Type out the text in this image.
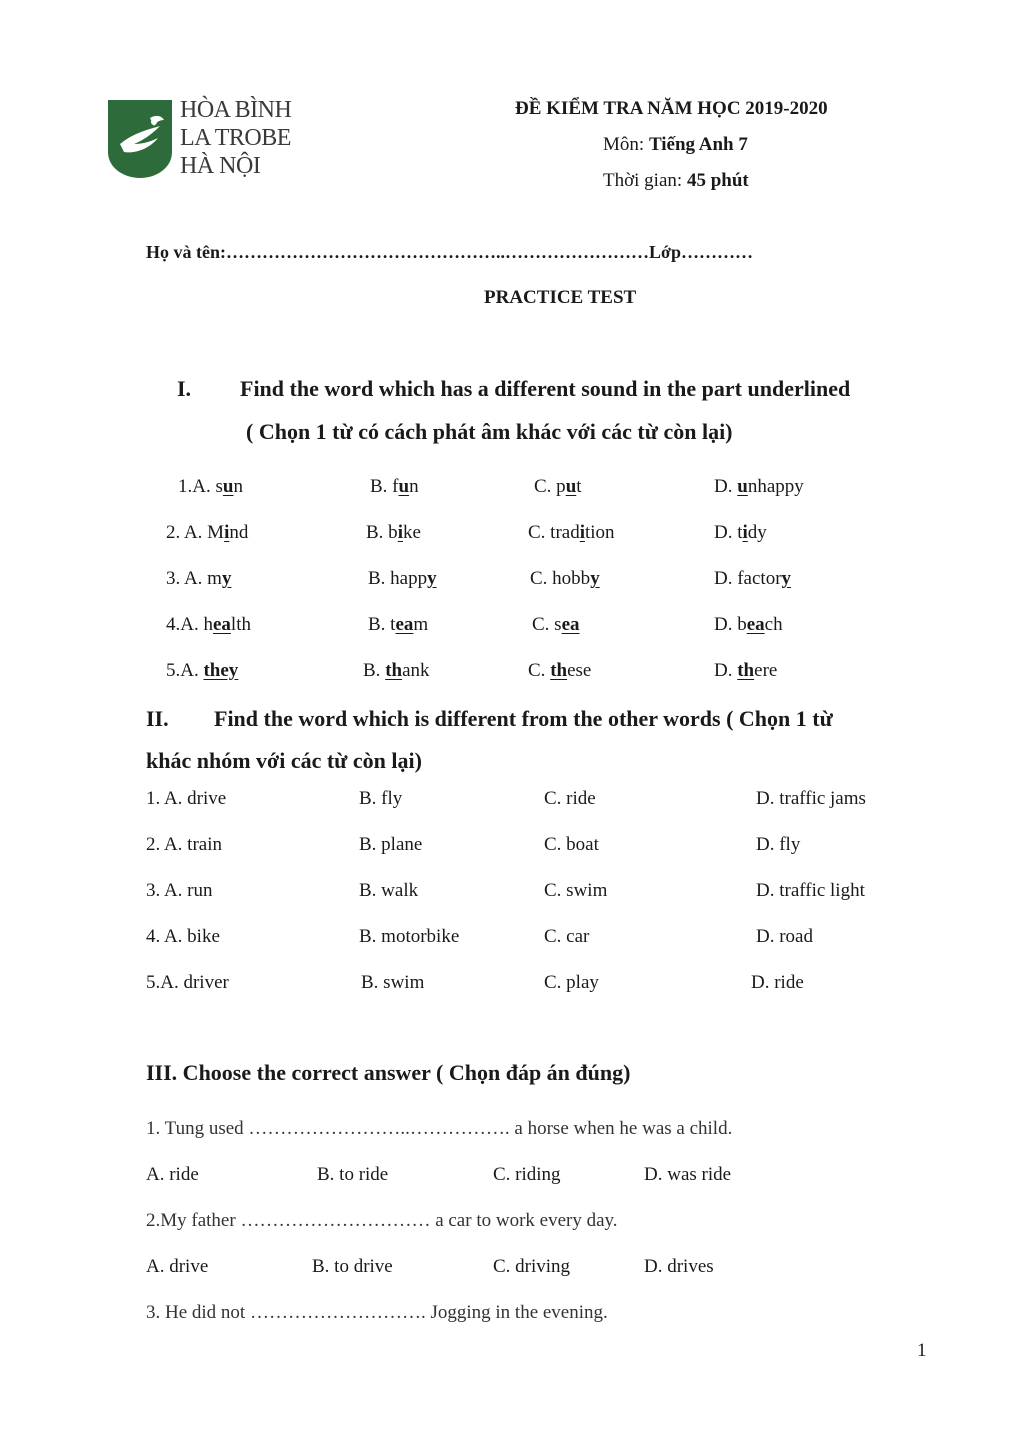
HÒA BÌNH
LA TROBE
HÀ NỘI
ĐỀ KIỂM TRA NĂM HỌC 2019-2020
Môn: Tiếng Anh 7
Thời gian: 45 phút
Họ và tên:………………………………………..……………………Lớp…………
PRACTICE TEST
I. Find the word which has a different sound in the part underlined
( Chọn 1 từ có cách phát âm khác với các từ còn lại)
1.A. sun	B. fun	C. put	D. unhappy
2. A. Mind	B. bike	C. tradition	D. tidy
3. A. my	B. happy	C. hobby	D. factory
4.A. health	B. team	C. sea	D. beach
5.A. they	B. thank	C. these	D. there
II. Find the word which is different from the other words ( Chọn 1 từ
khác nhóm với các từ còn lại)
1. A. drive	B. fly	C. ride	D. traffic jams
2. A. train	B. plane	C. boat	D. fly
3. A. run	B. walk	C. swim	D. traffic light
4. A. bike	B. motorbike	C. car	D. road
5.A. driver	B. swim	C. play	D. ride
III. Choose the correct answer ( Chọn đáp án đúng)
1. Tung used ……………………..……………. a horse when he was a child.
A. ride	B. to ride	C. riding	D. was ride
2.My father ………………………… a car to work every day.
A. drive	B. to drive	C. driving	D. drives
3. He did not ………………………. Jogging in the evening.
1
